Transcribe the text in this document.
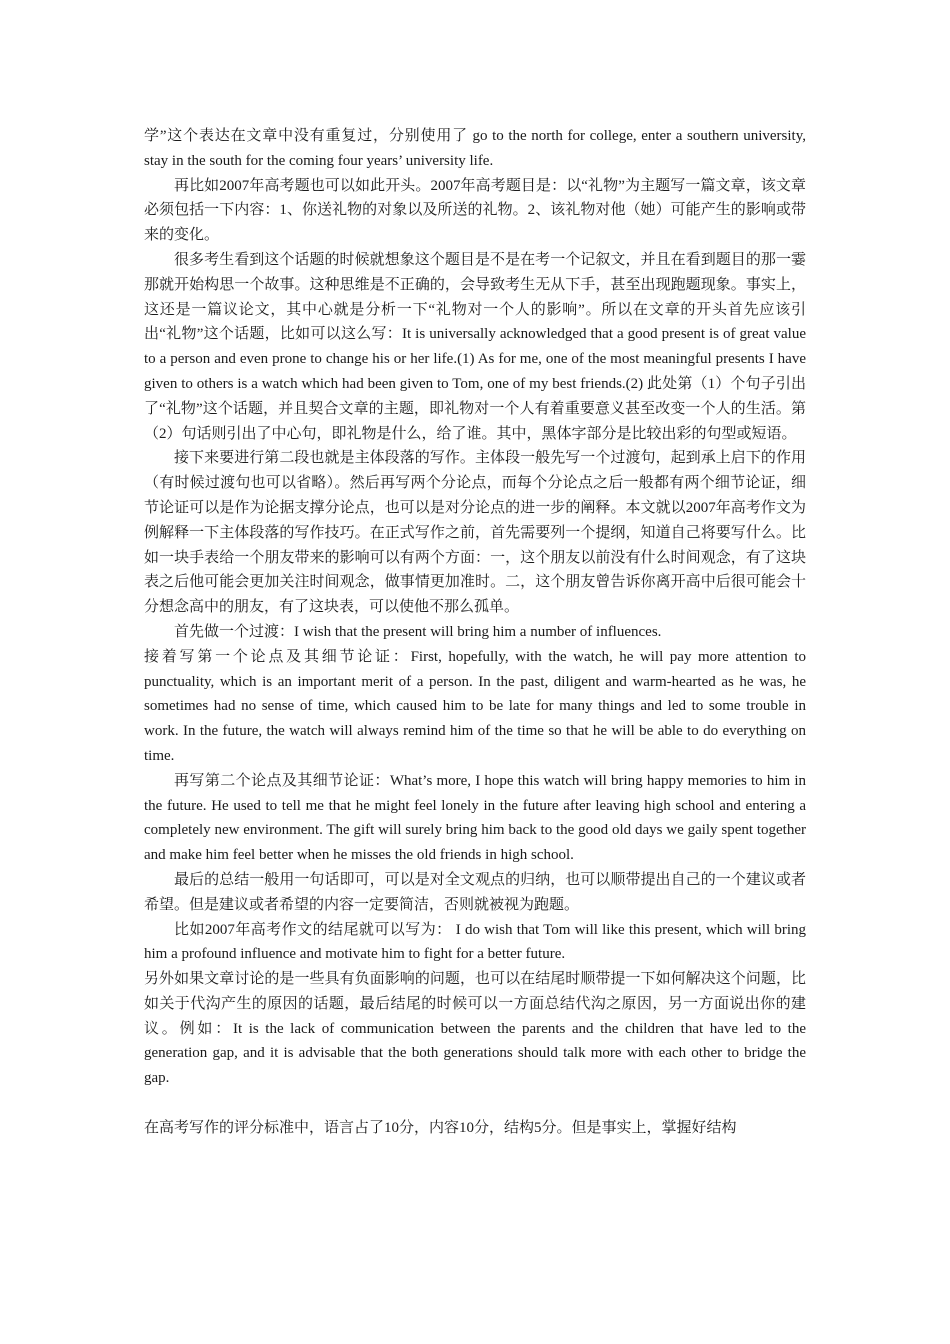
学”这个表达在文章中没有重复过，分别使用了 go to the north for college, enter a southern university, stay in the south for the coming four years’ university life.

再比如2007年高考题也可以如此开头。2007年高考题目是：以“礼物”为主题写一篇文章，该文章必须包括一下内容：1、你送礼物的对象以及所送的礼物。2、该礼物对他（她）可能产生的影响或带来的变化。

很多考生看到这个话题的时候就想象这个题目是不是在考一个记叙文，并且在看到题目的那一霎那就开始构思一个故事。这种思维是不正确的，会导致考生无从下手，甚至出现跑题现象。事实上，这还是一篇议论文，其中心就是分析一下“礼物对一个人的影响”。所以在文章的开头首先应该引出“礼物”这个话题，比如可以这么写：It is universally acknowledged that a good present is of great value to a person and even prone to change his or her life.(1) As for me, one of the most meaningful presents I have given to others is a watch which had been given to Tom, one of my best friends.(2) 此处第（1）个句子引出了“礼物”这个话题，并且契合文章的主题，即礼物对一个人有着重要意义甚至改变一个人的生活。第（2）句话则引出了中心句，即礼物是什么，给了谁。其中，黑体字部分是比较出彩的句型或短语。

接下来要进行第二段也就是主体段落的写作。主体段一般先写一个过渡句，起到承上启下的作用（有时候过渡句也可以省略）。然后再写两个分论点，而每个分论点之后一般都有两个细节论证，细节论证可以是作为论据支撑分论点，也可以是对分论点的进一步的阐释。本文就以2007年高考作文为例解释一下主体段落的写作技巧。在正式写作之前，首先需要列一个提纲，知道自己将要写什么。比如一块手表给一个朋友带来的影响可以有两个方面：一，这个朋友以前没有什么时间观念，有了这块表之后他可能会更加关注时间观念，做事情更加准时。二，这个朋友曾告诉你离开高中后很可能会十分想念高中的朋友，有了这块表，可以使他不那么孤单。

首先做一个过渡：I wish that the present will bring him a number of influences.

接着写第一个论点及其细节论证：First, hopefully, with the watch, he will pay more attention to punctuality, which is an important merit of a person. In the past, diligent and warm-hearted as he was, he sometimes had no sense of time, which caused him to be late for many things and led to some trouble in work. In the future, the watch will always remind him of the time so that he will be able to do everything on time.

再写第二个论点及其细节论证：What’s more, I hope this watch will bring happy memories to him in the future. He used to tell me that he might feel lonely in the future after leaving high school and entering a completely new environment. The gift will surely bring him back to the good old days we gaily spent together and make him feel better when he misses the old friends in high school.

最后的总结一般用一句话即可，可以是对全文观点的归纳，也可以顺带提出自己的一个建议或者希望。但是建议或者希望的内容一定要简洁，否则就被视为跑题。

比如2007年高考作文的结尾就可以写为： I do wish that Tom will like this present, which will bring him a profound influence and motivate him to fight for a better future.

另外如果文章讨论的是一些具有负面影响的问题，也可以在结尾时顺带提一下如何解决这个问题，比如关于代沟产生的原因的话题，最后结尾的时候可以一方面总结代沟之原因，另一方面说出你的建议。例如：It is the lack of communication between the parents and the children that have led to the generation gap, and it is advisable that the both generations should talk more with each other to bridge the gap.

在高考写作的评分标准中，语言占了10分，内容10分，结构5分。但是事实上，掌握好结构
